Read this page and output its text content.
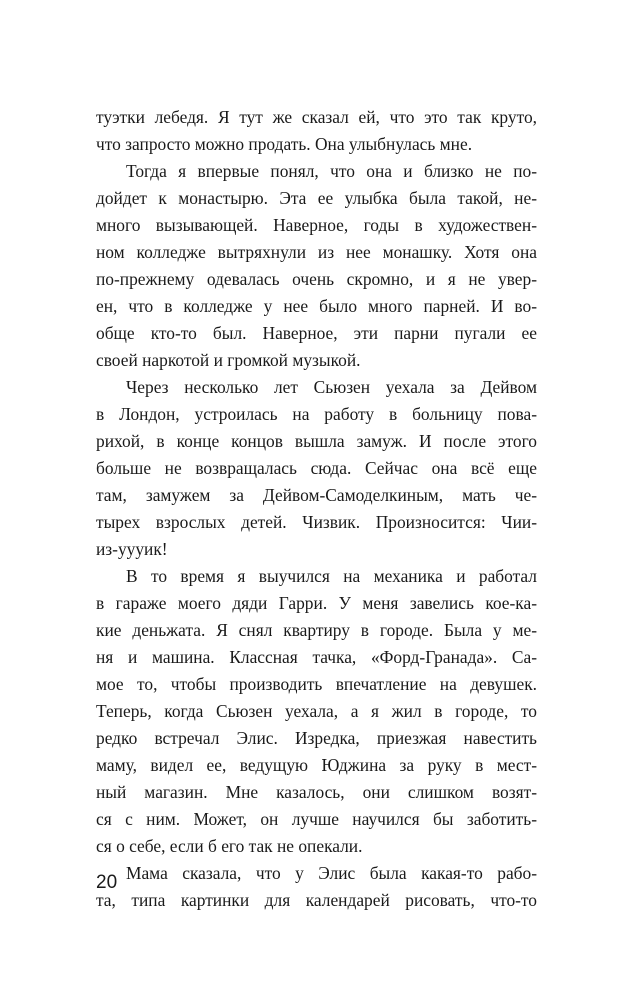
туэтки лебедя. Я тут же сказал ей, что это так круто,
что запросто можно продать. Она улыбнулась мне.
Тогда я впервые понял, что она и близко не по-
дойдет к монастырю. Эта ее улыбка была такой, не-
много вызывающей. Наверное, годы в художествен-
ном колледже вытряхнули из нее монашку. Хотя она
по-прежнему одевалась очень скромно, и я не увер-
ен, что в колледже у нее было много парней. И во-
обще кто-то был. Наверное, эти парни пугали ее
своей наркотой и громкой музыкой.
Через несколько лет Сьюзен уехала за Дейвом
в Лондон, устроилась на работу в больницу пова-
рихой, в конце концов вышла замуж. И после этого
больше не возвращалась сюда. Сейчас она всё еще
там, замужем за Дейвом-Самоделкиным, мать че-
тырех взрослых детей. Чизвик. Произносится: Чии-
из-уууик!
В то время я выучился на механика и работал
в гараже моего дяди Гарри. У меня завелись кое-ка-
кие деньжата. Я снял квартиру в городе. Была у ме-
ня и машина. Классная тачка, «Форд-Гранада». Са-
мое то, чтобы производить впечатление на девушек.
Теперь, когда Сьюзен уехала, а я жил в городе, то
редко встречал Элис. Изредка, приезжая навестить
маму, видел ее, ведущую Юджина за руку в мест-
ный магазин. Мне казалось, они слишком возят-
ся с ним. Может, он лучше научился бы заботить-
ся о себе, если б его так не опекали.
Мама сказала, что у Элис была какая-то рабо-
та, типа картинки для календарей рисовать, что-то
20
